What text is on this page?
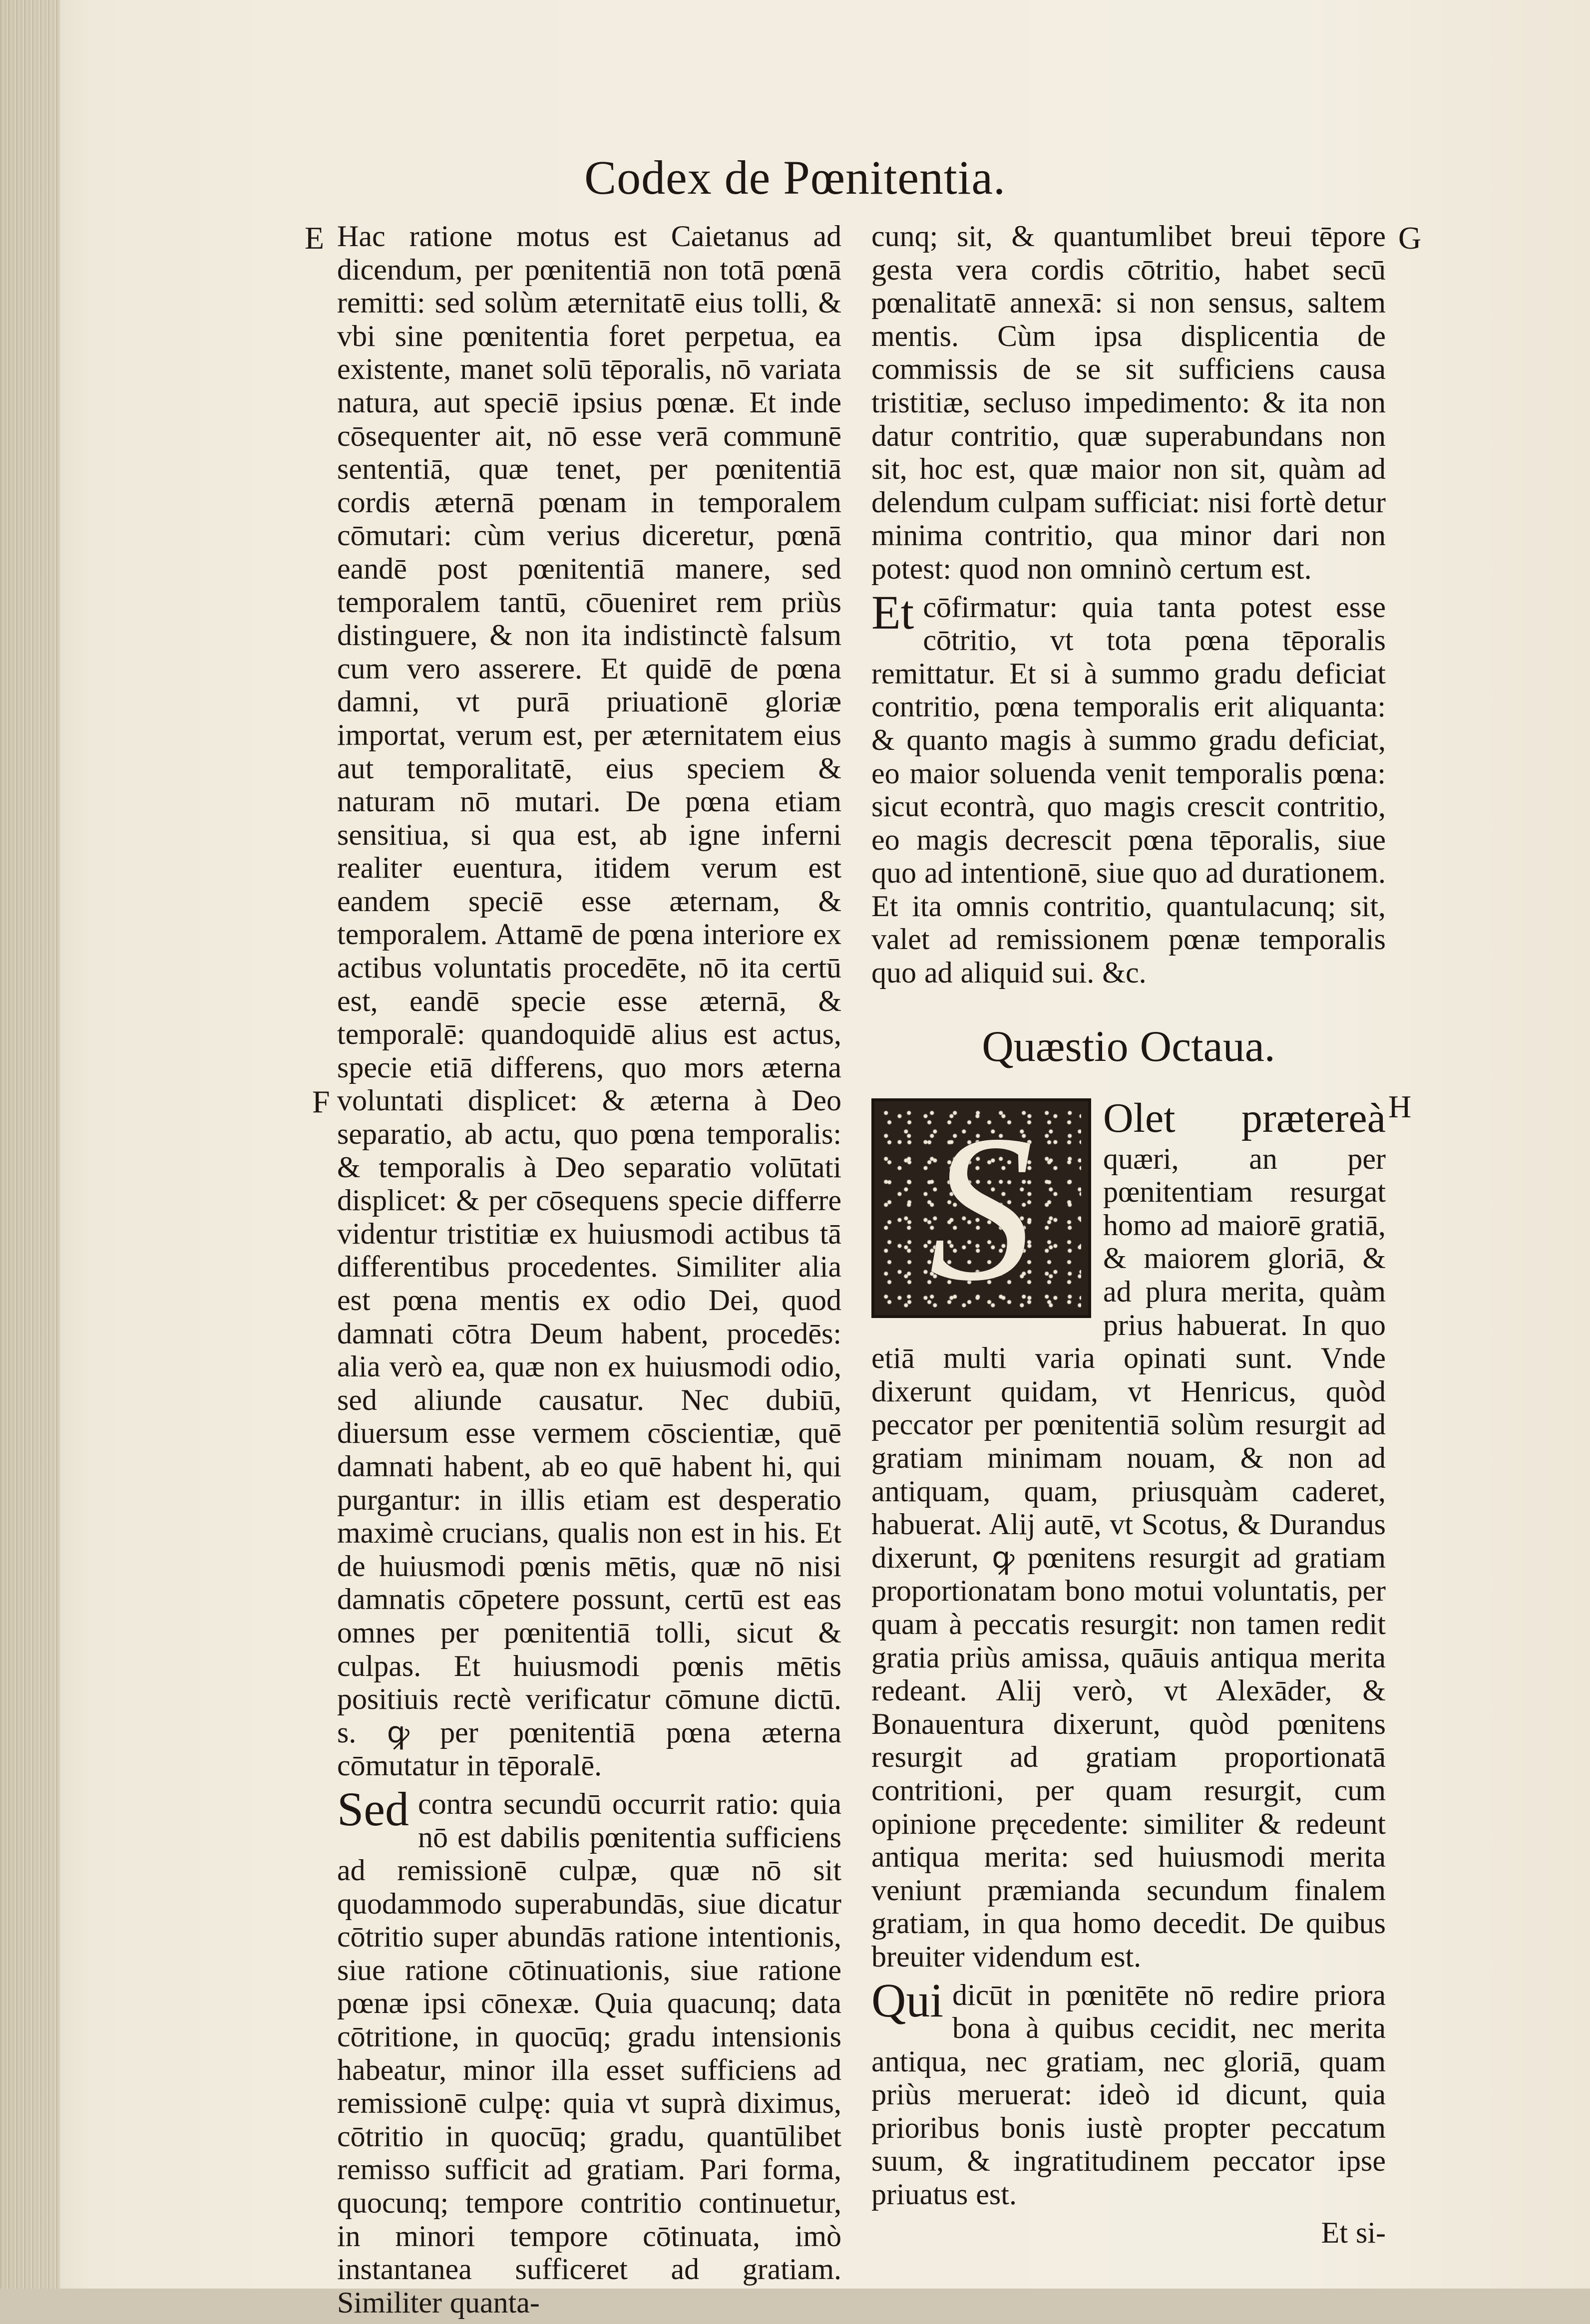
Codex de Pœnitentia.
E
F
G
H

Hac ratione motus est Caietanus ad dicendum, per pœnitentiā non totā pœnā remitti: sed solùm æternitatē eius tolli, & vbi sine pœnitentia foret perpetua, ea existente, manet solū tēporalis, nō variata natura, aut speciē ipsius pœnæ. Et inde cōsequenter ait, nō esse verā communē sententiā, quæ tenet, per pœnitentiā cordis æternā pœnam in temporalem cōmutari: cùm verius diceretur, pœnā eandē post pœnitentiā manere, sed temporalem tantū, cōueniret rem priùs distinguere, & non ita indistinctè falsum cum vero asserere. Et quidē de pœna damni, vt purā priuationē gloriæ importat, verum est, per æternitatem eius aut temporalitatē, eius speciem & naturam nō mutari. De pœna etiam sensitiua, si qua est, ab igne inferni realiter euentura, itidem verum est eandem speciē esse æternam, & temporalem. Attamē de pœna interiore ex actibus voluntatis procedēte, nō ita certū est, eandē specie esse æternā, & temporalē: quandoquidē alius est actus, specie etiā differens, quo mors æterna voluntati displicet: & æterna à Deo separatio, ab actu, quo pœna temporalis: & temporalis à Deo separatio volūtati displicet: & per cōsequens specie differre videntur tristitiæ ex huiusmodi actibus tā differentibus procedentes. Similiter alia est pœna mentis ex odio Dei, quod damnati cōtra Deum habent, procedēs: alia verò ea, quæ non ex huiusmodi odio, sed aliunde causatur. Nec dubiū, diuersum esse vermem cōscientiæ, quē damnati habent, ab eo quē habent hi, qui purgantur: in illis etiam est desperatio maximè crucians, qualis non est in his. Et de huiusmodi pœnis mētis, quæ nō nisi damnatis cōpetere possunt, certū est eas omnes per pœnitentiā tolli, sicut & culpas. Et huiusmodi pœnis mētis positiuis rectè verificatur cōmune dictū. s. ꝙ per pœnitentiā pœna æterna cōmutatur in tēporalē.

Sed contra secundū occurrit ratio: quia nō est dabilis pœnitentia sufficiens ad remissionē culpæ, quæ nō sit quodammodo superabundās, siue dicatur cōtritio super abundās ratione intentionis, siue ratione cōtinuationis, siue ratione pœnæ ipsi cōnexæ. Quia quacunq; data cōtritione, in quocūq; gradu intensionis habeatur, minor illa esset sufficiens ad remissionē culpę: quia vt suprà diximus, cōtritio in quocūq; gradu, quantūlibet remisso sufficit ad gratiam. Pari forma, quocunq; tempore contritio continuetur, in minori tempore cōtinuata, imò instantanea sufficeret ad gratiam. Similiter quanta-

cunq; sit, & quantumlibet breui tēpore gesta vera cordis cōtritio, habet secū pœnalitatē annexā: si non sensus, saltem mentis. Cùm ipsa displicentia de commissis de se sit sufficiens causa tristitiæ, secluso impedimento: & ita non datur contritio, quæ superabundans non sit, hoc est, quæ maior non sit, quàm ad delendum culpam sufficiat: nisi fortè detur minima contritio, qua minor dari non potest: quod non omninò certum est.

Et cōfirmatur: quia tanta potest esse cōtritio, vt tota pœna tēporalis remittatur. Et si à summo gradu deficiat contritio, pœna temporalis erit aliquanta: & quanto magis à summo gradu deficiat, eo maior soluenda venit temporalis pœna: sicut econtrà, quo magis crescit contritio, eo magis decrescit pœna tēporalis, siue quo ad intentionē, siue quo ad durationem. Et ita omnis contritio, quantulacunq; sit, valet ad remissionem pœnæ temporalis quo ad aliquid sui. &c.

Quæstio Octaua.

S	Olet prætereà quæri, an per pœnitentiam resurgat homo ad maiorē gratiā, & maiorem gloriā, & ad plura merita, quàm prius habuerat. In quo etiā multi varia opinati sunt. Vnde dixerunt quidam, vt Henricus, quòd peccator per pœnitentiā solùm resurgit ad gratiam minimam nouam, & non ad antiquam, quam, priusquàm caderet, habuerat. Alij autē, vt Scotus, & Durandus dixerunt, ꝙ pœnitens resurgit ad gratiam proportionatam bono motui voluntatis, per quam à peccatis resurgit: non tamen redit gratia priùs amissa, quāuis antiqua merita redeant. Alij verò, vt Alexāder, & Bonauentura dixerunt, quòd pœnitens resurgit ad gratiam proportionatā contritioni, per quam resurgit, cum opinione pręcedente: similiter & redeunt antiqua merita: sed huiusmodi merita veniunt præmianda secundum finalem gratiam, in qua homo decedit. De quibus breuiter videndum est.

Qui dicūt in pœnitēte nō redire priora bona à quibus cecidit, nec merita antiqua, nec gratiam, nec gloriā, quam priùs meruerat: ideò id dicunt, quia prioribus bonis iustè propter peccatum suum, & ingratitudinem peccator ipse priuatus est.

Et si-
